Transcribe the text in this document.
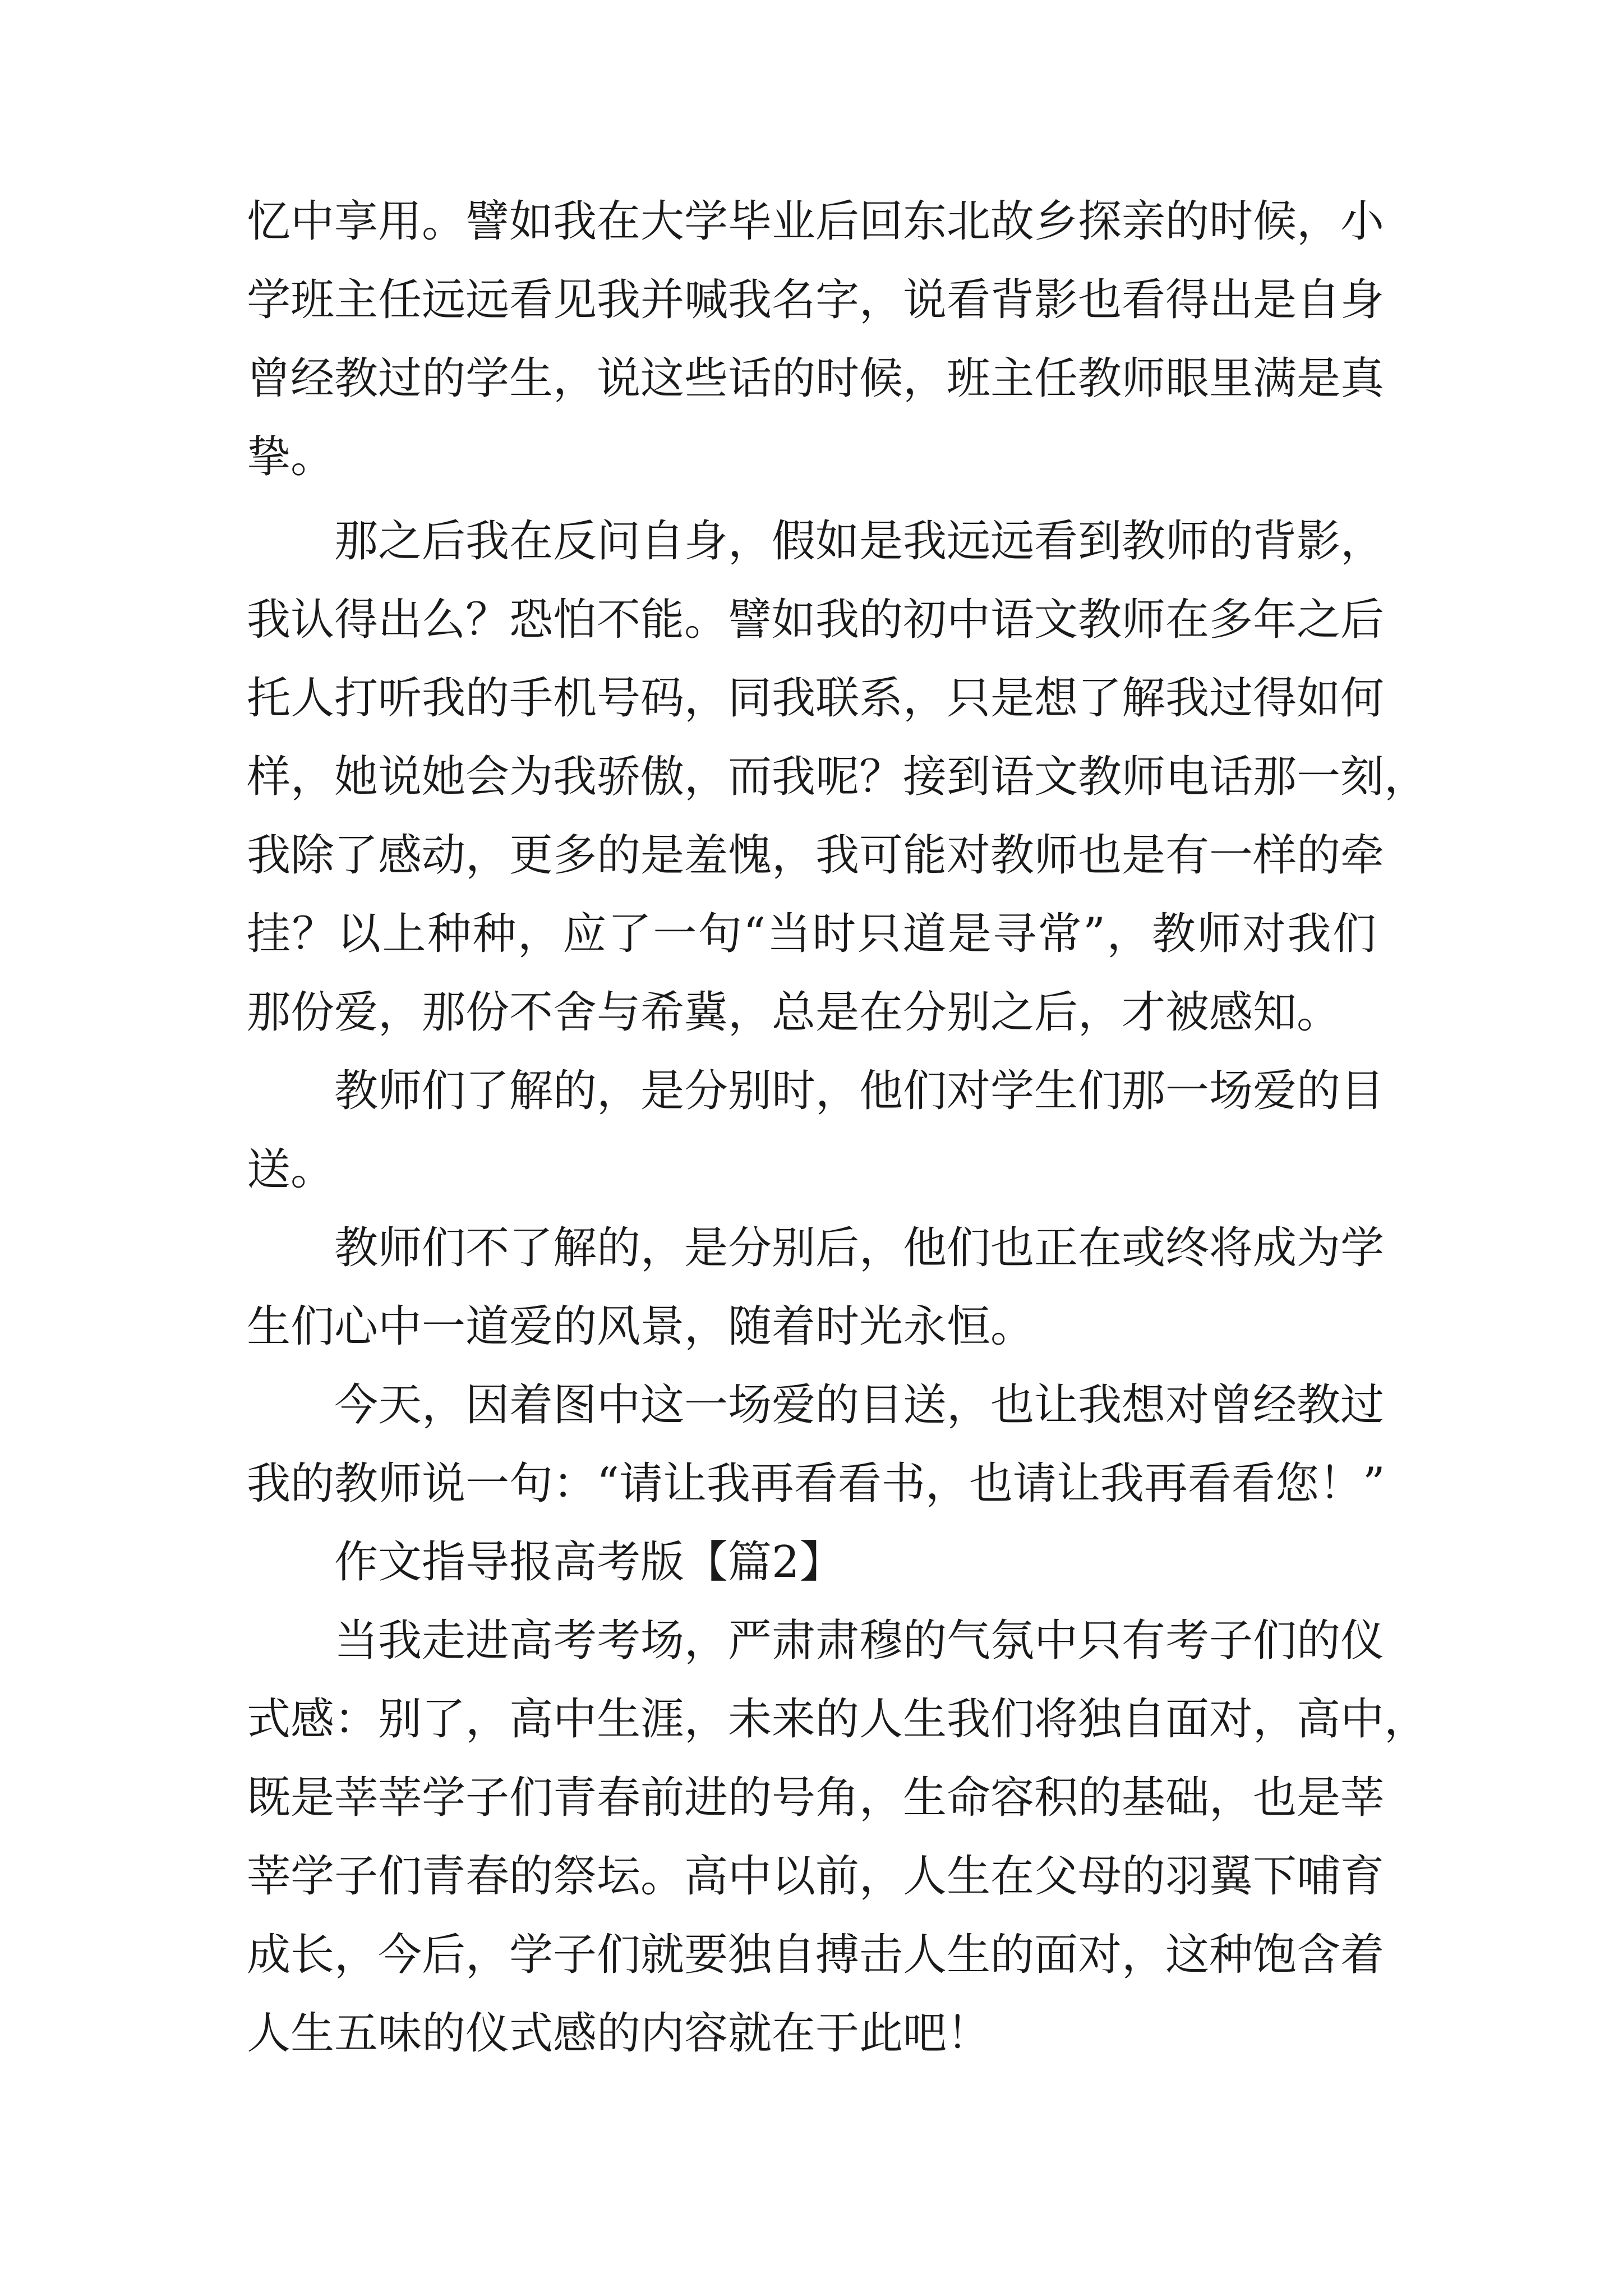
忆中享用。譬如我在大学毕业后回东北故乡探亲的时候，小
学班主任远远看见我并喊我名字，说看背影也看得出是自身
曾经教过的学生，说这些话的时候，班主任教师眼里满是真
挚。
那之后我在反问自身，假如是我远远看到教师的背影，
我认得出么？恐怕不能。譬如我的初中语文教师在多年之后
托人打听我的手机号码，同我联系，只是想了解我过得如何
样，她说她会为我骄傲，而我呢？接到语文教师电话那一刻，
我除了感动，更多的是羞愧，我可能对教师也是有一样的牵
挂？以上种种，应了一句“当时只道是寻常”，教师对我们
那份爱，那份不舍与希冀，总是在分别之后，才被感知。
教师们了解的，是分别时，他们对学生们那一场爱的目
送。
教师们不了解的，是分别后，他们也正在或终将成为学
生们心中一道爱的风景，随着时光永恒。
今天，因着图中这一场爱的目送，也让我想对曾经教过
我的教师说一句：“请让我再看看书，也请让我再看看您！”
作文指导报高考版【篇2】
当我走进高考考场，严肃肃穆的气氛中只有考子们的仪
式感：别了，高中生涯，未来的人生我们将独自面对，高中，
既是莘莘学子们青春前进的号角，生命容积的基础，也是莘
莘学子们青春的祭坛。高中以前，人生在父母的羽翼下哺育
成长，今后，学子们就要独自搏击人生的面对，这种饱含着
人生五味的仪式感的内容就在于此吧！
